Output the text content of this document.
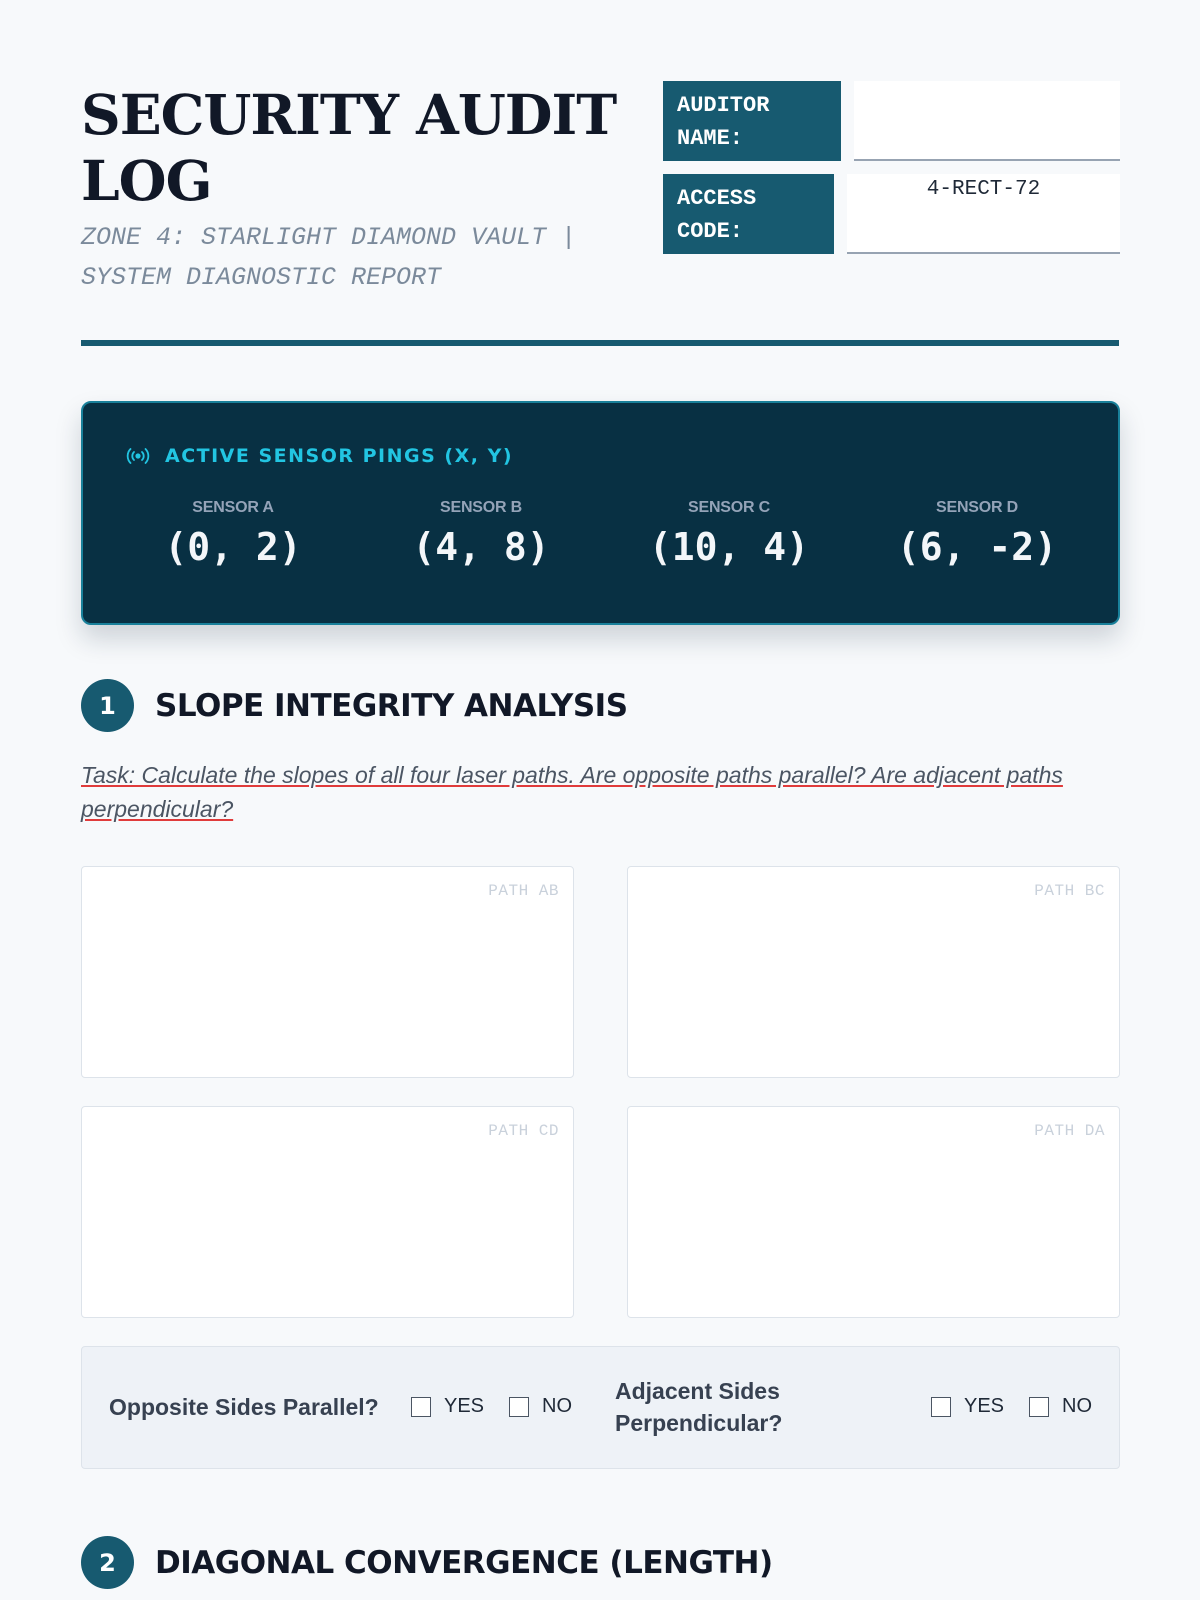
SECURITY AUDIT LOG
ZONE 4: STARLIGHT DIAMOND VAULT | SYSTEM DIAGNOSTIC REPORT
AUDITOR NAME:
ACCESS CODE:
4-RECT-72
ACTIVE SENSOR PINGS (X, Y)
SENSOR A
(0, 2)
SENSOR B
(4, 8)
SENSOR C
(10, 4)
SENSOR D
(6, -2)
1	SLOPE INTEGRITY ANALYSIS
Task: Calculate the slopes of all four laser paths. Are opposite paths parallel? Are adjacent paths perpendicular?
PATH AB	PATH BC
PATH CD	PATH DA
Opposite Sides Parallel?	YES	NO
Adjacent Sides Perpendicular?
YES	NO
2	DIAGONAL CONVERGENCE (LENGTH)
